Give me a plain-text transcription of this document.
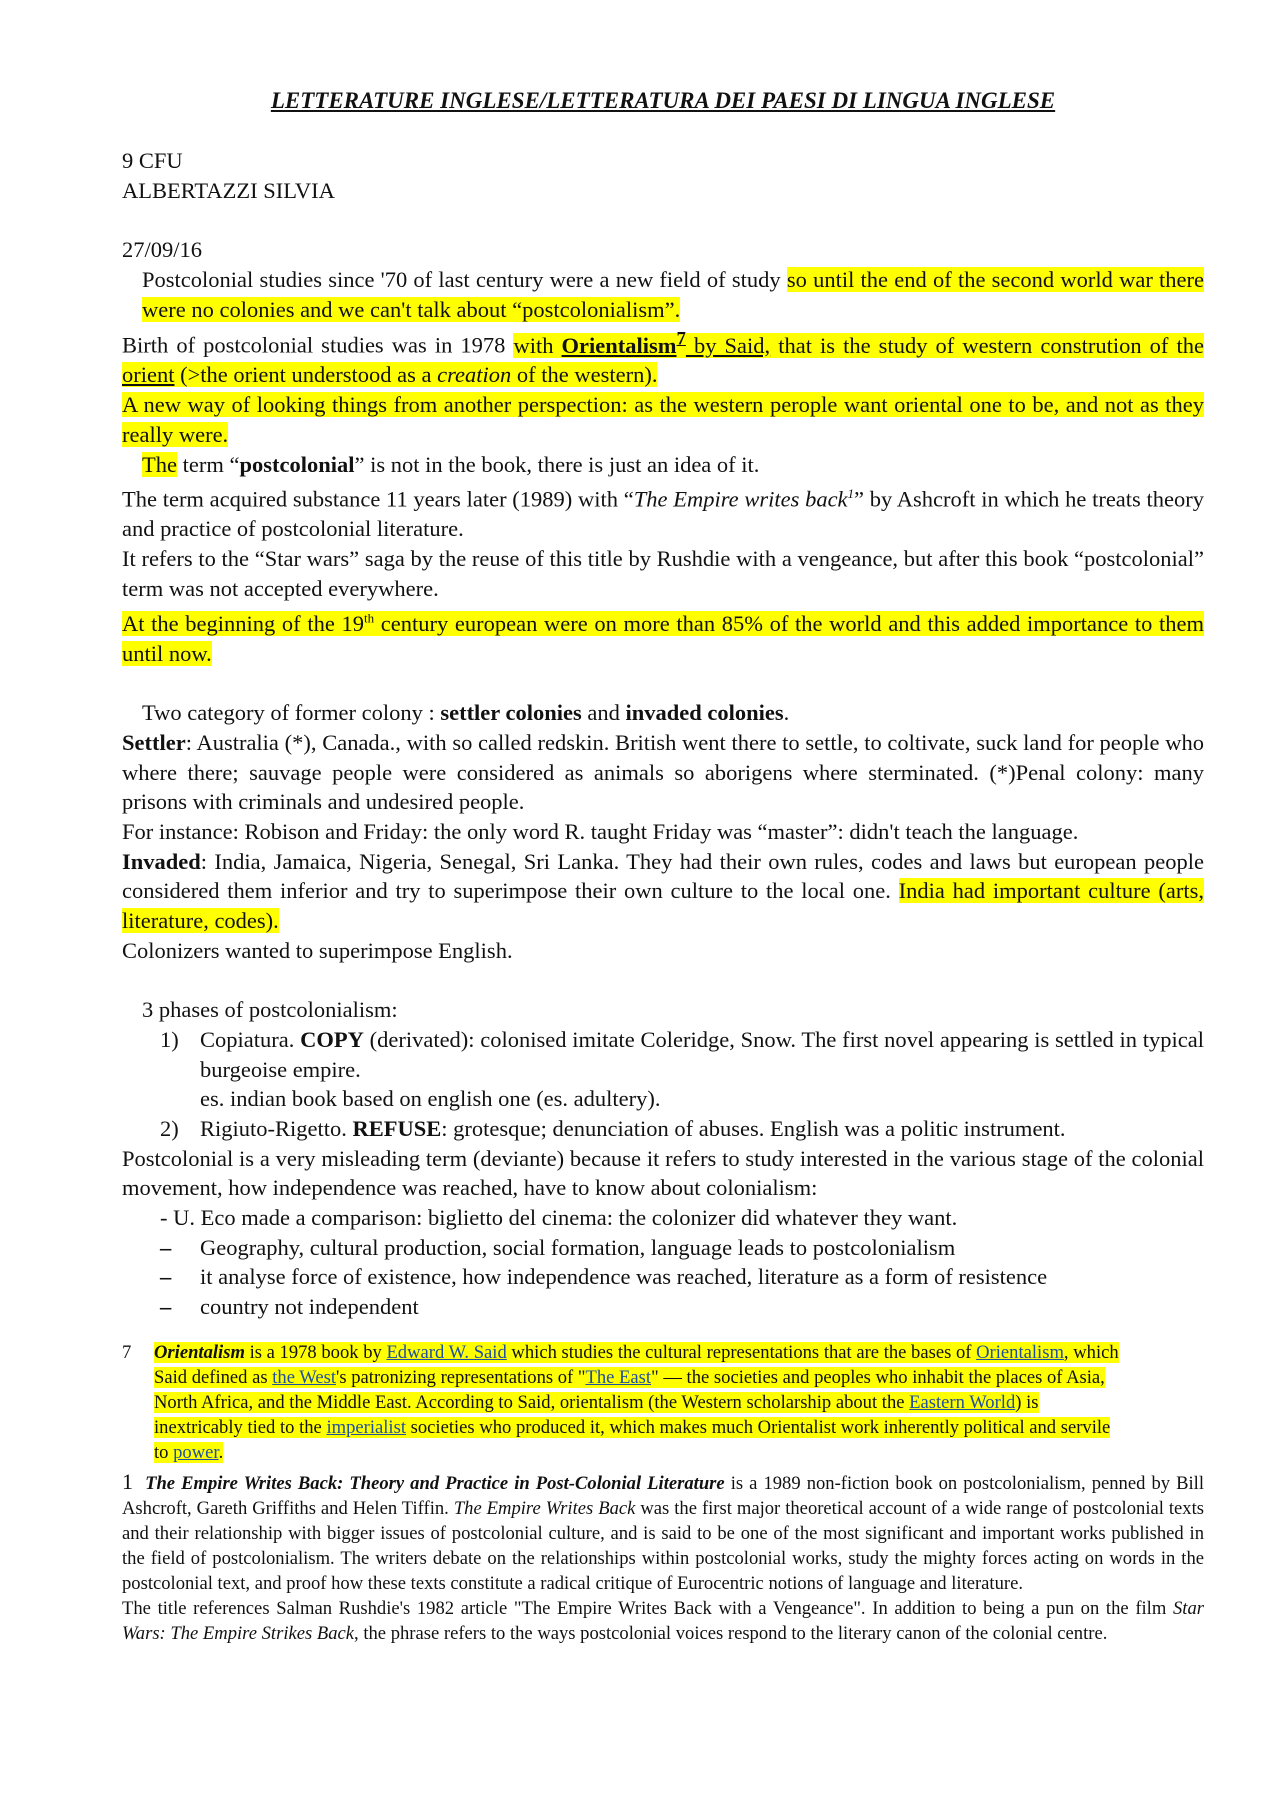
LETTERATURE INGLESE/LETTERATURA DEI PAESI DI LINGUA INGLESE

9 CFU

ALBERTAZZI SILVIA

27/09/16

Postcolonial studies since '70 of last century were a new field of study so until the end of the second world war there were no colonies and we can't talk about “postcolonialism”.

Birth of postcolonial studies was in 1978 with Orientalism$^7$ by Said, that is the study of western constrution of the orient (>the orient understood as a creation of the western).

A new way of looking things from another perspection: as the western perople want oriental one to be, and not as they really were.

The term “postcolonial” is not in the book, there is just an idea of it.

The term acquired substance 11 years later (1989) with “The Empire writes back$^1$” by Ashcroft in which he treats theory and practice of postcolonial literature.

It refers to the “Star wars” saga by the reuse of this title by Rushdie with a vengeance, but after this book “postcolonial” term was not accepted everywhere.

At the beginning of the 19th century european were on more than 85% of the world and this added importance to them until now.

Two category of former colony : settler colonies and invaded colonies.

Settler: Australia (*), Canada., with so called redskin. British went there to settle, to coltivate, suck land for people who where there; sauvage people were considered as animals so aborigens where sterminated. (*)Penal colony: many prisons with criminals and undesired people.

For instance: Robison and Friday: the only word R. taught Friday was “master”: didn't teach the language.

Invaded: India, Jamaica, Nigeria, Senegal, Sri Lanka. They had their own rules, codes and laws but european people considered them inferior and try to superimpose their own culture to the local one. India had important culture (arts, literature, codes).

Colonizers wanted to superimpose English.

3 phases of postcolonialism:

1) Copiatura. COPY (derivated): colonised imitate Coleridge, Snow. The first novel appearing is settled in typical burgeoise empire.
es. indian book based on english one (es. adultery).
2) Rigiuto-Rigetto. REFUSE: grotesque; denunciation of abuses. English was a politic instrument.

Postcolonial is a very misleading term (deviante) because it refers to study interested in the various stage of the colonial movement, how independence was reached, have to know about colonialism:

- U. Eco made a comparison: biglietto del cinema: the colonizer did whatever they want.

–	Geography, cultural production, social formation, language leads to postcolonialism
–	it analyse force of existence, how independence was reached, literature as a form of resistence
–	country not independent
7	Orientalism is a 1978 book by Edward W. Said which studies the cultural representations that are the bases of Orientalism, which Said defined as the West's patronizing representations of "The East" — the societies and peoples who inhabit the places of Asia, North Africa, and the Middle East. According to Said, orientalism (the Western scholarship about the Eastern World) is inextricably tied to the imperialist societies who produced it, which makes much Orientalist work inherently political and servile to power.
1 The Empire Writes Back: Theory and Practice in Post-Colonial Literature is a 1989 non-fiction book on postcolonialism, penned by Bill Ashcroft, Gareth Griffiths and Helen Tiffin. The Empire Writes Back was the first major theoretical account of a wide range of postcolonial texts and their relationship with bigger issues of postcolonial culture, and is said to be one of the most significant and important works published in the field of postcolonialism. The writers debate on the relationships within postcolonial works, study the mighty forces acting on words in the postcolonial text, and proof how these texts constitute a radical critique of Eurocentric notions of language and literature.
The title references Salman Rushdie's 1982 article "The Empire Writes Back with a Vengeance". In addition to being a pun on the film Star Wars: The Empire Strikes Back, the phrase refers to the ways postcolonial voices respond to the literary canon of the colonial centre.
